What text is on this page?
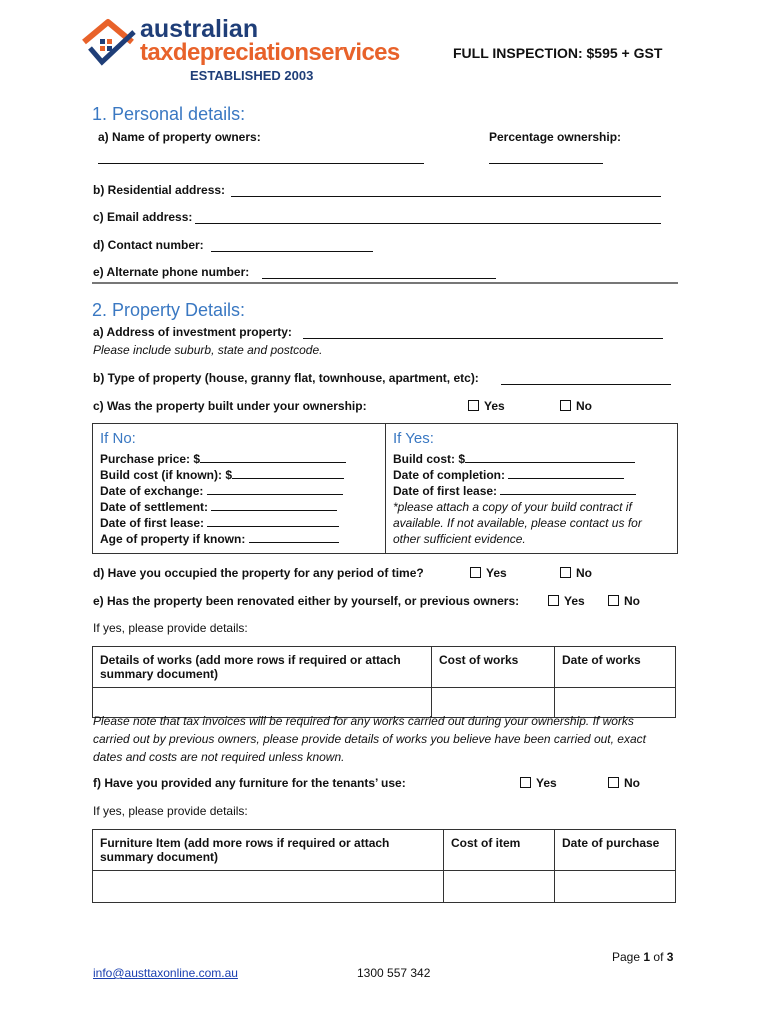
australian
taxdepreciationservices
ESTABLISHED 2003
FULL INSPECTION: $595 + GST
1. Personal details:
a) Name of property owners:	Percentage ownership:
b) Residential address:
c) Email address:
d) Contact number:
e) Alternate phone number:
2. Property Details:
a) Address of investment property:
Please include suburb, state and postcode.
b) Type of property (house, granny flat, townhouse, apartment, etc):
c) Was the property built under your ownership:	Yes	No
If No:
Purchase price: $
Build cost (if known): $
Date of exchange:
Date of settlement:
Date of first lease:
Age of property if known:

If Yes:
Build cost: $
Date of completion:
Date of first lease:
*please attach a copy of your build contract if available. If not available, please contact us for other sufficient evidence.
d) Have you occupied the property for any period of time?	Yes	No
e) Has the property been renovated either by yourself, or previous owners:	Yes	No
If yes, please provide details:
Details of works (add more rows if required or attach summary document)	Cost of works	Date of works

Please note that tax invoices will be required for any works carried out during your ownership. If works carried out by previous owners, please provide details of works you believe have been carried out, exact dates and costs are not required unless known.
f) Have you provided any furniture for the tenants’ use:	Yes	No
If yes, please provide details:
Furniture Item (add more rows if required or attach summary document)	Cost of item	Date of purchase

Page 1 of 3
info@austtaxonline.com.au	1300 557 342
